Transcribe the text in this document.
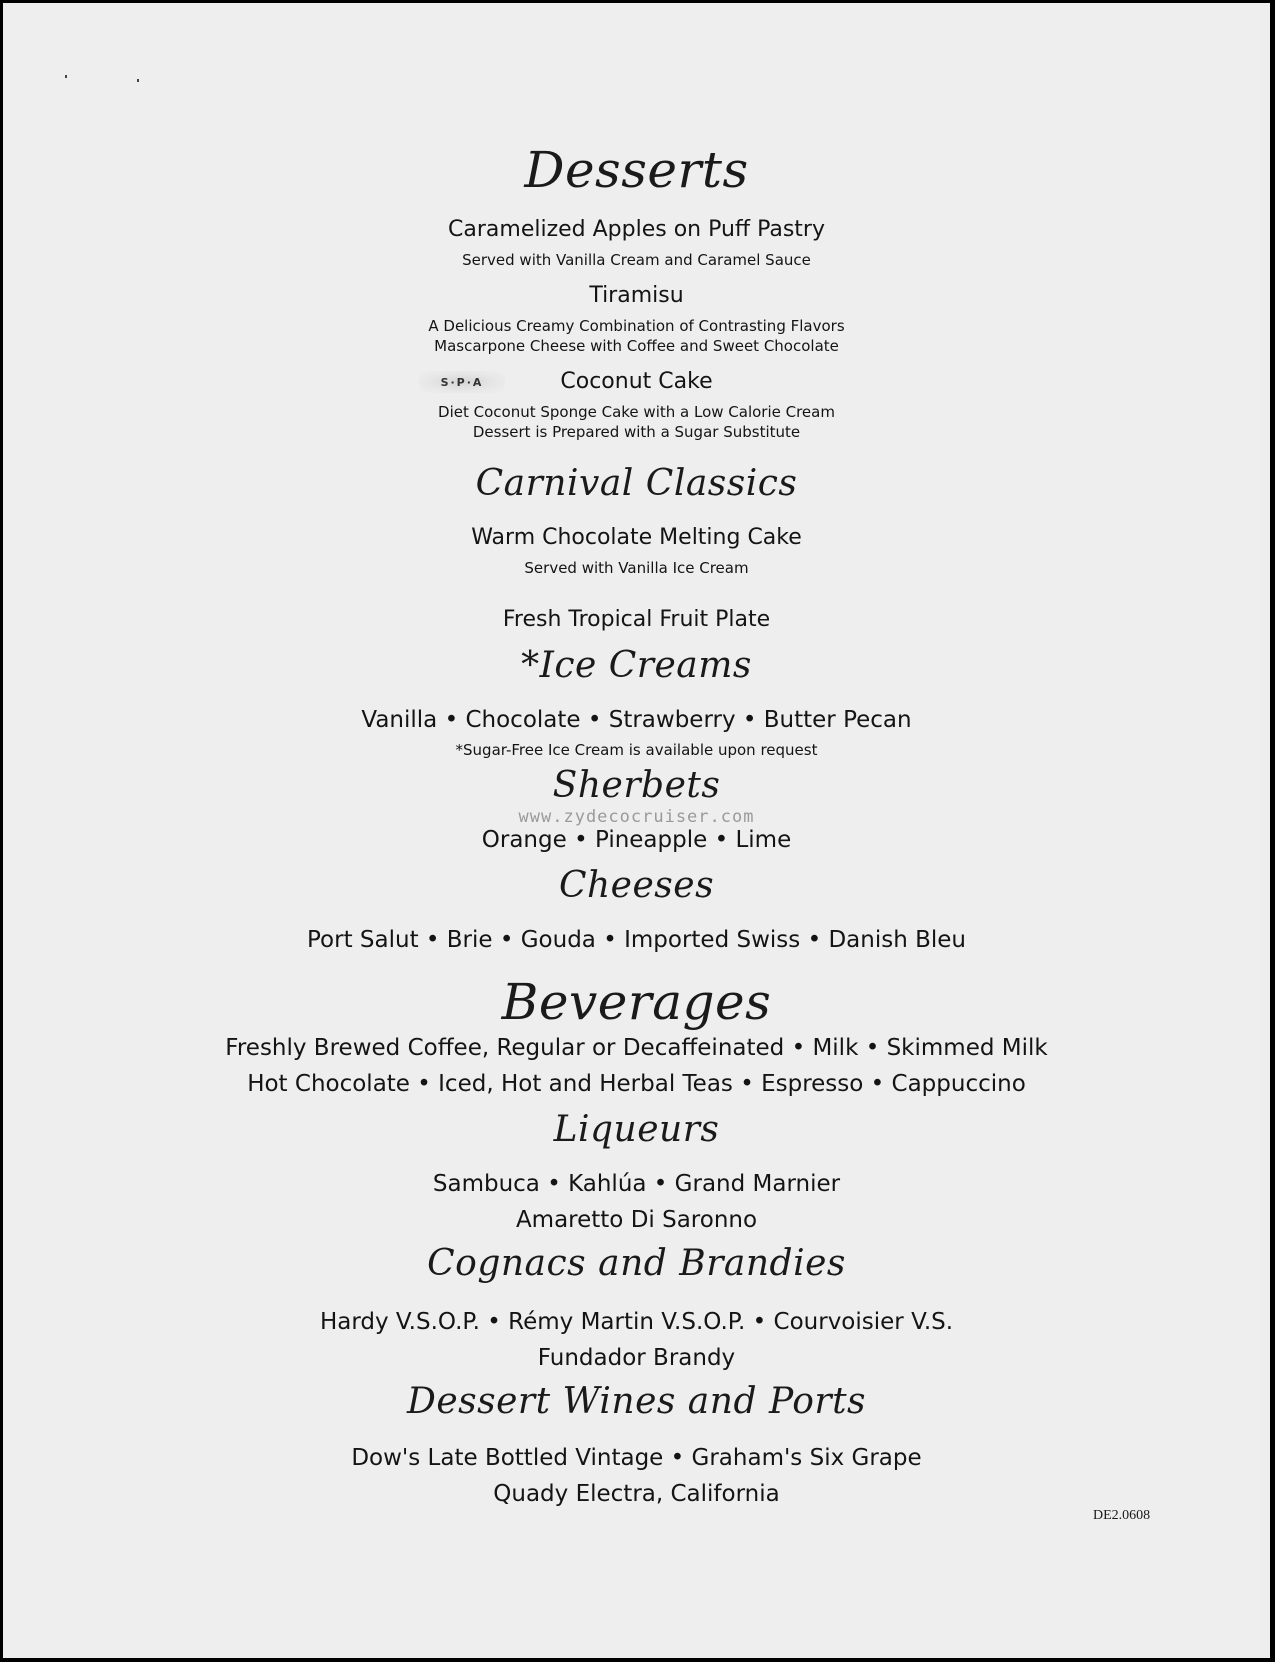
Desserts
Caramelized Apples on Puff Pastry
Served with Vanilla Cream and Caramel Sauce
Tiramisu
A Delicious Creamy Combination of Contrasting Flavors
Mascarpone Cheese with Coffee and Sweet Chocolate
S·P·A	Coconut Cake
Diet Coconut Sponge Cake with a Low Calorie Cream
Dessert is Prepared with a Sugar Substitute
Carnival Classics
Warm Chocolate Melting Cake
Served with Vanilla Ice Cream
Fresh Tropical Fruit Plate
*Ice Creams
Vanilla • Chocolate • Strawberry • Butter Pecan
*Sugar-Free Ice Cream is available upon request
Sherbets
www.zydecocruiser.com
Orange • Pineapple • Lime
Cheeses
Port Salut • Brie • Gouda • Imported Swiss • Danish Bleu
Beverages
Freshly Brewed Coffee, Regular or Decaffeinated • Milk • Skimmed Milk
Hot Chocolate • Iced, Hot and Herbal Teas • Espresso • Cappuccino
Liqueurs
Sambuca • Kahlúa • Grand Marnier
Amaretto Di Saronno
Cognacs and Brandies
Hardy V.S.O.P. • Rémy Martin V.S.O.P. • Courvoisier V.S.
Fundador Brandy
Dessert Wines and Ports
Dow's Late Bottled Vintage • Graham's Six Grape
Quady Electra, California
DE2.0608
